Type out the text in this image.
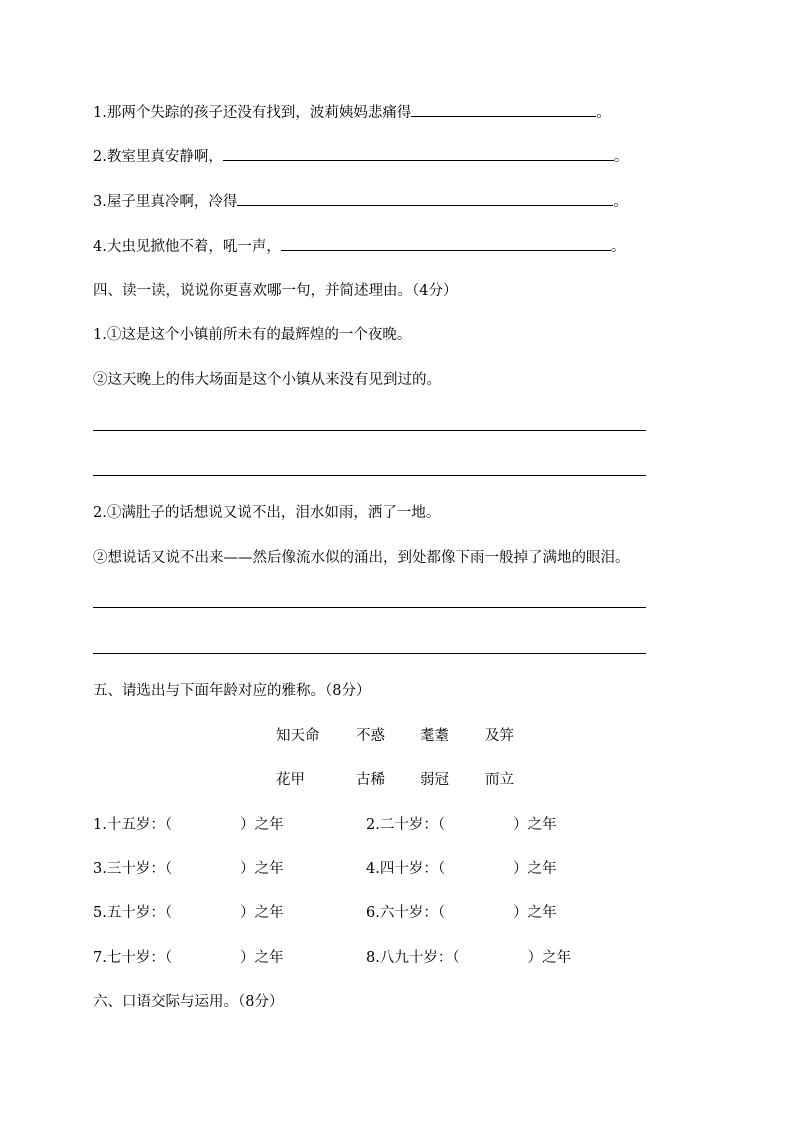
1.那两个失踪的孩子还没有找到，波莉姨妈悲痛得	。
2.教室里真安静啊，	。
3.屋子里真冷啊，冷得	。
4.大虫见掀他不着，吼一声，	。
四、读一读，说说你更喜欢哪一句，并简述理由。（4分）
1.①这是这个小镇前所未有的最辉煌的一个夜晚。
②这天晚上的伟大场面是这个小镇从来没有见到过的。
2.①满肚子的话想说又说不出，泪水如雨，洒了一地。
②想说话又说不出来——然后像流水似的涌出，到处都像下雨一般掉了满地的眼泪。
五、请选出与下面年龄对应的雅称。（8分）
知天命	不惑 耄耋 及笄
花甲	古稀 弱冠 而立
1.十五岁：（	）之年	2.二十岁：（	）之年
3.三十岁：（	）之年	4.四十岁：（	）之年
5.五十岁：（	）之年	6.六十岁：（	）之年
7.七十岁：（	）之年	8.八九十岁：（	）之年
六、口语交际与运用。（8分）
